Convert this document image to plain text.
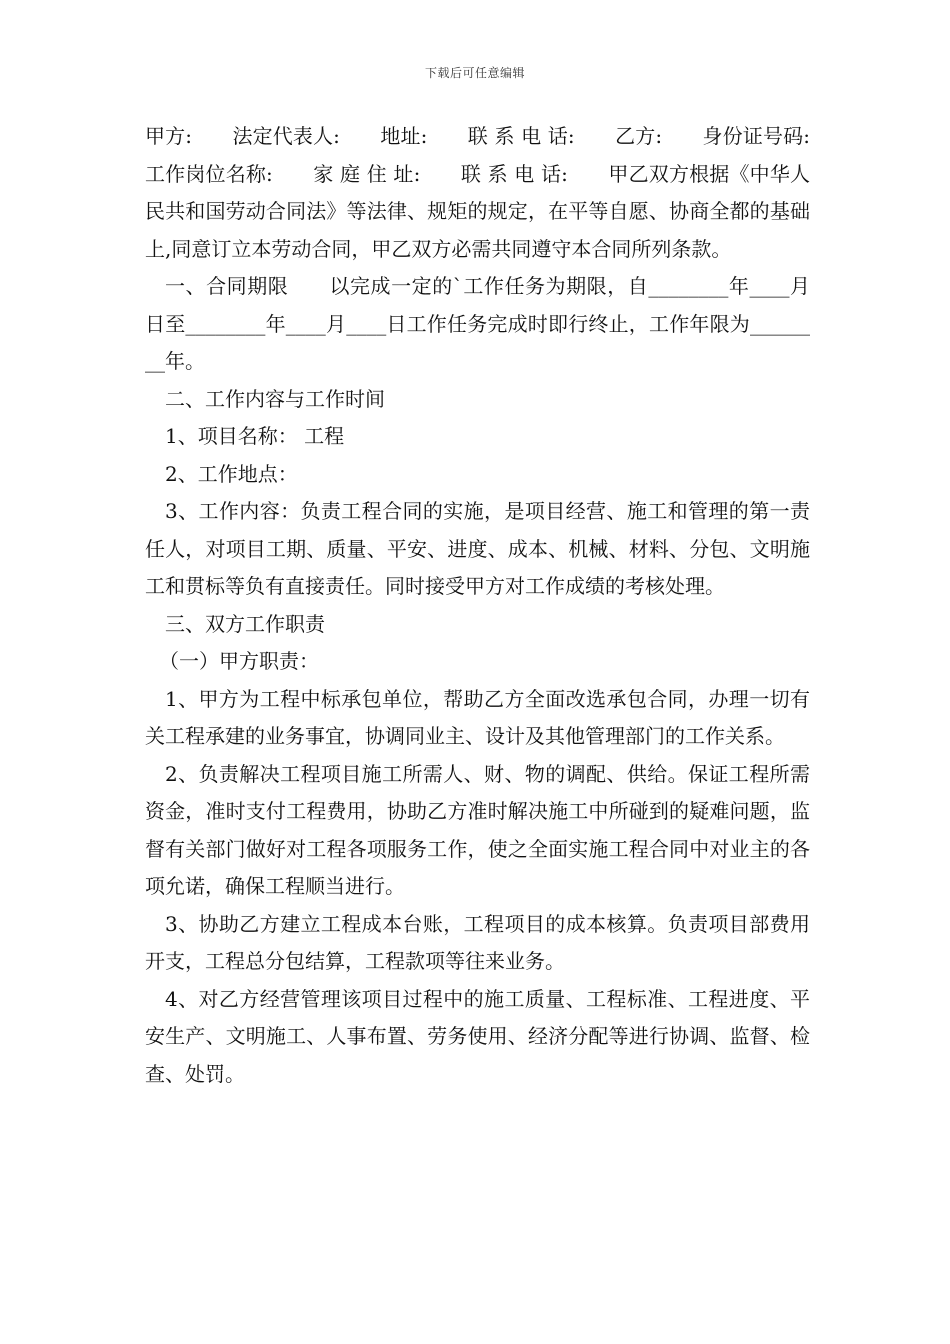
下载后可任意编辑

甲方:　　法定代表人:　　地址:　　联 系 电 话:　　乙方:　　身份证号码:　　工作岗位名称:　　家 庭 住 址:　　联 系 电 话:　　甲乙双方根据《中华人民共和国劳动合同法》等法律、规矩的规定，在平等自愿、协商全都的基础上,同意订立本劳动合同，甲乙双方必需共同遵守本合同所列条款。

一、合同期限　　以完成一定的`工作任务为期限，自________年____月日至________年____月____日工作任务完成时即行终止，工作年限为________年。

二、工作内容与工作时间

1、项目名称： 工程

2、工作地点：

3、工作内容：负责工程合同的实施，是项目经营、施工和管理的第一责任人，对项目工期、质量、平安、进度、成本、机械、材料、分包、文明施工和贯标等负有直接责任。同时接受甲方对工作成绩的考核处理。

三、双方工作职责

（一）甲方职责：

1、甲方为工程中标承包单位，帮助乙方全面改选承包合同，办理一切有关工程承建的业务事宜，协调同业主、设计及其他管理部门的工作关系。

2、负责解决工程项目施工所需人、财、物的调配、供给。保证工程所需资金，准时支付工程费用，协助乙方准时解决施工中所碰到的疑难问题，监督有关部门做好对工程各项服务工作，使之全面实施工程合同中对业主的各项允诺，确保工程顺当进行。

3、协助乙方建立工程成本台账，工程项目的成本核算。负责项目部费用开支，工程总分包结算，工程款项等往来业务。

4、对乙方经营管理该项目过程中的施工质量、工程标准、工程进度、平安生产、文明施工、人事布置、劳务使用、经济分配等进行协调、监督、检查、处罚。
